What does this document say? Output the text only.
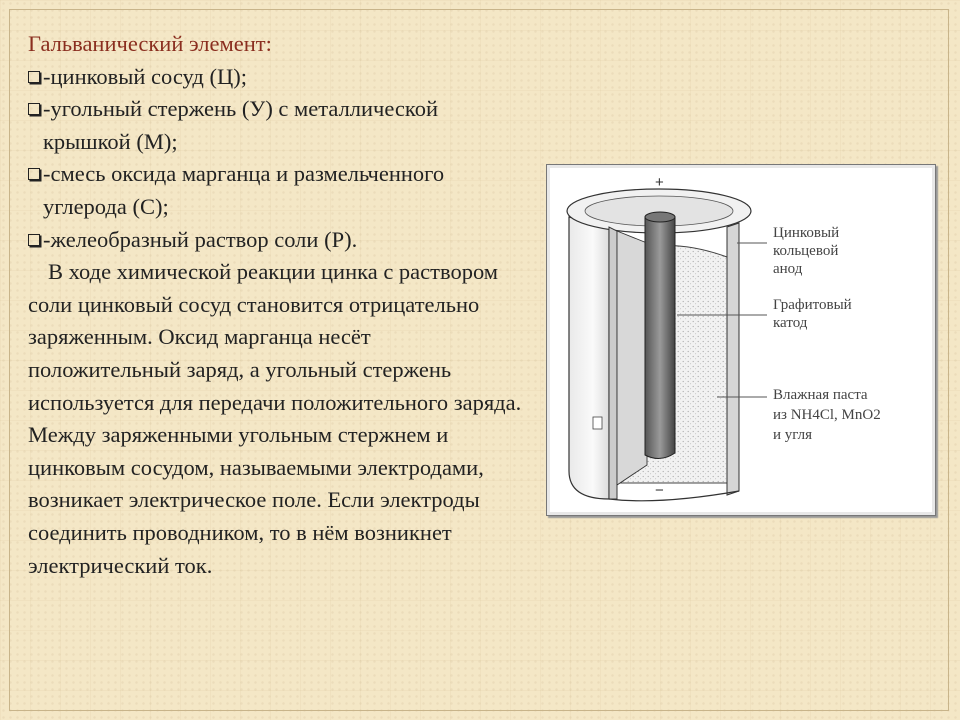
Гальванический элемент:
-цинковый сосуд (Ц);
-угольный стержень (У) с металлической крышкой (М);
-смесь оксида марганца и размельченного углерода (С);
-желеобразный раствор соли (Р).
В ходе химической реакции цинка с раствором соли цинковый сосуд становится отрицательно заряженным. Оксид марганца несёт положительный заряд, а угольный стержень используется для передачи положительного заряда. Между заряженными угольным стержнем и цинковым сосудом, называемыми электродами, возникает электрическое поле. Если электроды соединить проводником, то в нём возникнет электрический ток.
+
−
Цинковый кольцевой анод
Графитовый катод
Влажная паста из NH4Cl, MnO2 и угля
